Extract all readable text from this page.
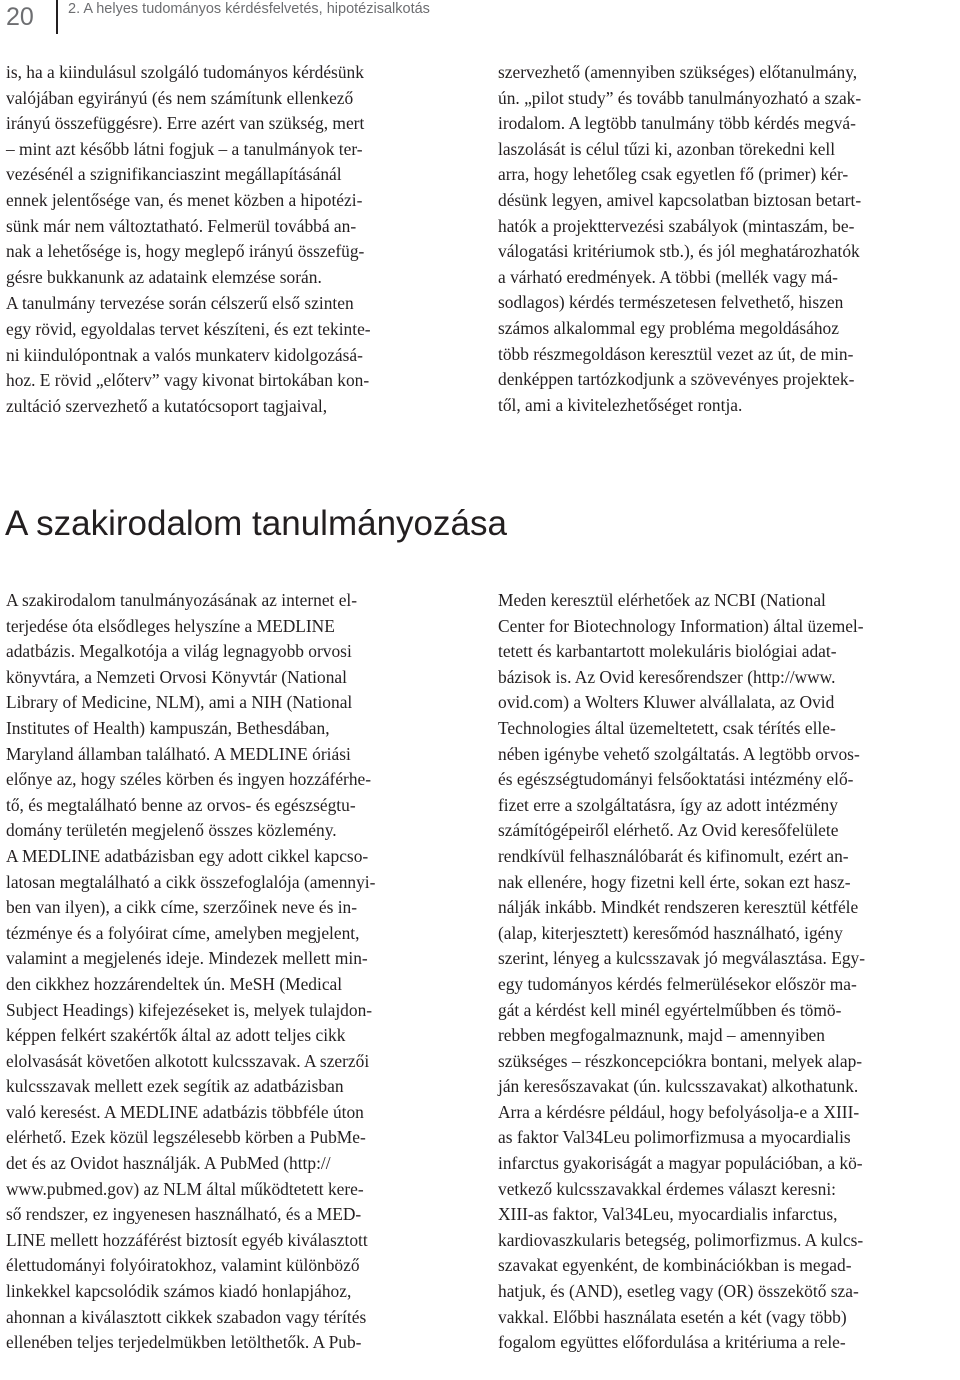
20 2. A helyes tudományos kérdésfelvetés, hipotézisalkotás

is, ha a kiindulásul szolgáló tudományos kérdésünk
valójában egyirányú (és nem számítunk ellenkező
irányú összefüggésre). Erre azért van szükség, mert
– mint azt később látni fogjuk – a tanulmányok ter-
vezésénél a szignifikanciaszint megállapításánál
ennek jelentősége van, és menet közben a hipotézi-
sünk már nem változtatható. Felmerül továbbá an-
nak a lehetősége is, hogy meglepő irányú összefüg-
gésre bukkanunk az adataink elemzése során.

A tanulmány tervezése során célszerű első szinten
egy rövid, egyoldalas tervet készíteni, és ezt tekinte-
ni kiindulópontnak a valós munkaterv kidolgozásá-
hoz. E rövid „előterv” vagy kivonat birtokában kon-
zultáció szervezhető a kutatócsoport tagjaival,

szervezhető (amennyiben szükséges) előtanulmány,
ún. „pilot study” és tovább tanulmányozható a szak-
irodalom. A legtöbb tanulmány több kérdés megvá-
laszolását is célul tűzi ki, azonban törekedni kell
arra, hogy lehetőleg csak egyetlen fő (primer) kér-
désünk legyen, amivel kapcsolatban biztosan betart-
hatók a projekttervezési szabályok (mintaszám, be-
válogatási kritériumok stb.), és jól meghatározhatók
a várható eredmények. A többi (mellék vagy má-
sodlagos) kérdés természetesen felvethető, hiszen
számos alkalommal egy probléma megoldásához
több részmegoldáson keresztül vezet az út, de min-
denképpen tartózkodjunk a szövevényes projektek-
től, ami a kivitelezhetőséget rontja.

A szakirodalom tanulmányozása

A szakirodalom tanulmányozásának az internet el-
terjedése óta elsődleges helyszíne a MEDLINE
adatbázis. Megalkotója a világ legnagyobb orvosi
könyvtára, a Nemzeti Orvosi Könyvtár (National
Library of Medicine, NLM), ami a NIH (National
Institutes of Health) kampuszán, Bethesdában,
Maryland államban található. A MEDLINE óriási
előnye az, hogy széles körben és ingyen hozzáférhe-
tő, és megtalálható benne az orvos- és egészségtu-
domány területén megjelenő összes közlemény.
A MEDLINE adatbázisban egy adott cikkel kapcso-
latosan megtalálható a cikk összefoglalója (amennyi-
ben van ilyen), a cikk címe, szerzőinek neve és in-
tézménye és a folyóirat címe, amelyben megjelent,
valamint a megjelenés ideje. Mindezek mellett min-
den cikkhez hozzárendeltek ún. MeSH (Medical
Subject Headings) kifejezéseket is, melyek tulajdon-
képpen felkért szakértők által az adott teljes cikk
elolvasását követően alkotott kulcsszavak. A szerzői
kulcsszavak mellett ezek segítik az adatbázisban
való keresést. A MEDLINE adatbázis többféle úton
elérhető. Ezek közül legszélesebb körben a PubMe-
det és az Ovidot használják. A PubMed (http://
www.pubmed.gov) az NLM által működtetett kere-
ső rendszer, ez ingyenesen használható, és a MED-
LINE mellett hozzáférést biztosít egyéb kiválasztott
élettudományi folyóiratokhoz, valamint különböző
linkekkel kapcsolódik számos kiadó honlapjához,
ahonnan a kiválasztott cikkek szabadon vagy térítés
ellenében teljes terjedelmükben letölthetők. A Pub-

Meden keresztül elérhetőek az NCBI (National
Center for Biotechnology Information) által üzemel-
tetett és karbantartott molekuláris biológiai adat-
bázisok is. Az Ovid keresőrendszer (http://www.
ovid.com) a Wolters Kluwer alvállalata, az Ovid
Technologies által üzemeltetett, csak térítés elle-
nében igénybe vehető szolgáltatás. A legtöbb orvos-
és egészségtudományi felsőoktatási intézmény elő-
fizet erre a szolgáltatásra, így az adott intézmény
számítógépeiről elérhető. Az Ovid keresőfelülete
rendkívül felhasználóbarát és kifinomult, ezért an-
nak ellenére, hogy fizetni kell érte, sokan ezt hasz-
nálják inkább. Mindkét rendszeren keresztül kétféle
(alap, kiterjesztett) keresőmód használható, igény
szerint, lényeg a kulcsszavak jó megválasztása. Egy-
egy tudományos kérdés felmerülésekor először ma-
gát a kérdést kell minél egyértelműbben és tömö-
rebben megfogalmaznunk, majd – amennyiben
szükséges – részkoncepciókra bontani, melyek alap-
ján keresőszavakat (ún. kulcsszavakat) alkothatunk.
Arra a kérdésre például, hogy befolyásolja-e a XIII-
as faktor Val34Leu polimorfizmusa a myocardialis
infarctus gyakoriságát a magyar populációban, a kö-
vetkező kulcsszavakkal érdemes választ keresni:
XIII-as faktor, Val34Leu, myocardialis infarctus,
kardiovaszkularis betegség, polimorfizmus. A kulcs-
szavakat egyenként, de kombinációkban is megad-
hatjuk, és (AND), esetleg vagy (OR) összekötő sza-
vakkal. Előbbi használata esetén a két (vagy több)
fogalom együttes előfordulása a kritériuma a rele-
